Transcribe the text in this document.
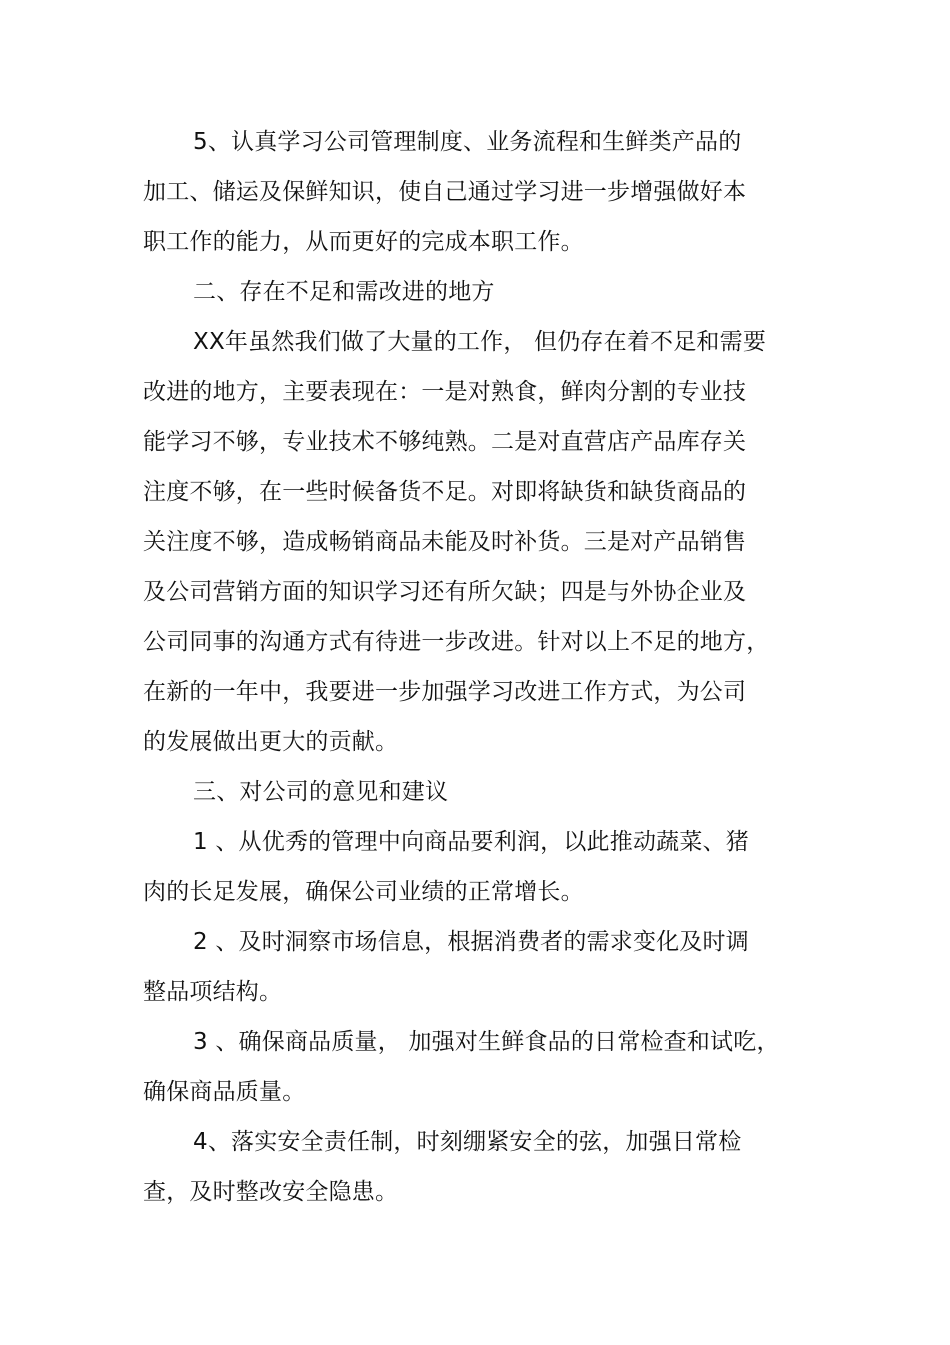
5、认真学习公司管理制度、业务流程和生鲜类产品的
加工、储运及保鲜知识，使自己通过学习进一步增强做好本
职工作的能力，从而更好的完成本职工作。
二、存在不足和需改进的地方
XX年虽然我们做了大量的工作， 但仍存在着不足和需要
改进的地方，主要表现在：一是对熟食，鲜肉分割的专业技
能学习不够，专业技术不够纯熟。二是对直营店产品库存关
注度不够，在一些时候备货不足。对即将缺货和缺货商品的
关注度不够，造成畅销商品未能及时补货。三是对产品销售
及公司营销方面的知识学习还有所欠缺；四是与外协企业及
公司同事的沟通方式有待进一步改进。针对以上不足的地方，
在新的一年中，我要进一步加强学习改进工作方式，为公司
的发展做出更大的贡献。
三、对公司的意见和建议
1 、从优秀的管理中向商品要利润，以此推动蔬菜、猪
肉的长足发展，确保公司业绩的正常增长。
2 、及时洞察市场信息，根据消费者的需求变化及时调
整品项结构。
3 、确保商品质量， 加强对生鲜食品的日常检查和试吃，
确保商品质量。
4、落实安全责任制，时刻绷紧安全的弦，加强日常检
查，及时整改安全隐患。
